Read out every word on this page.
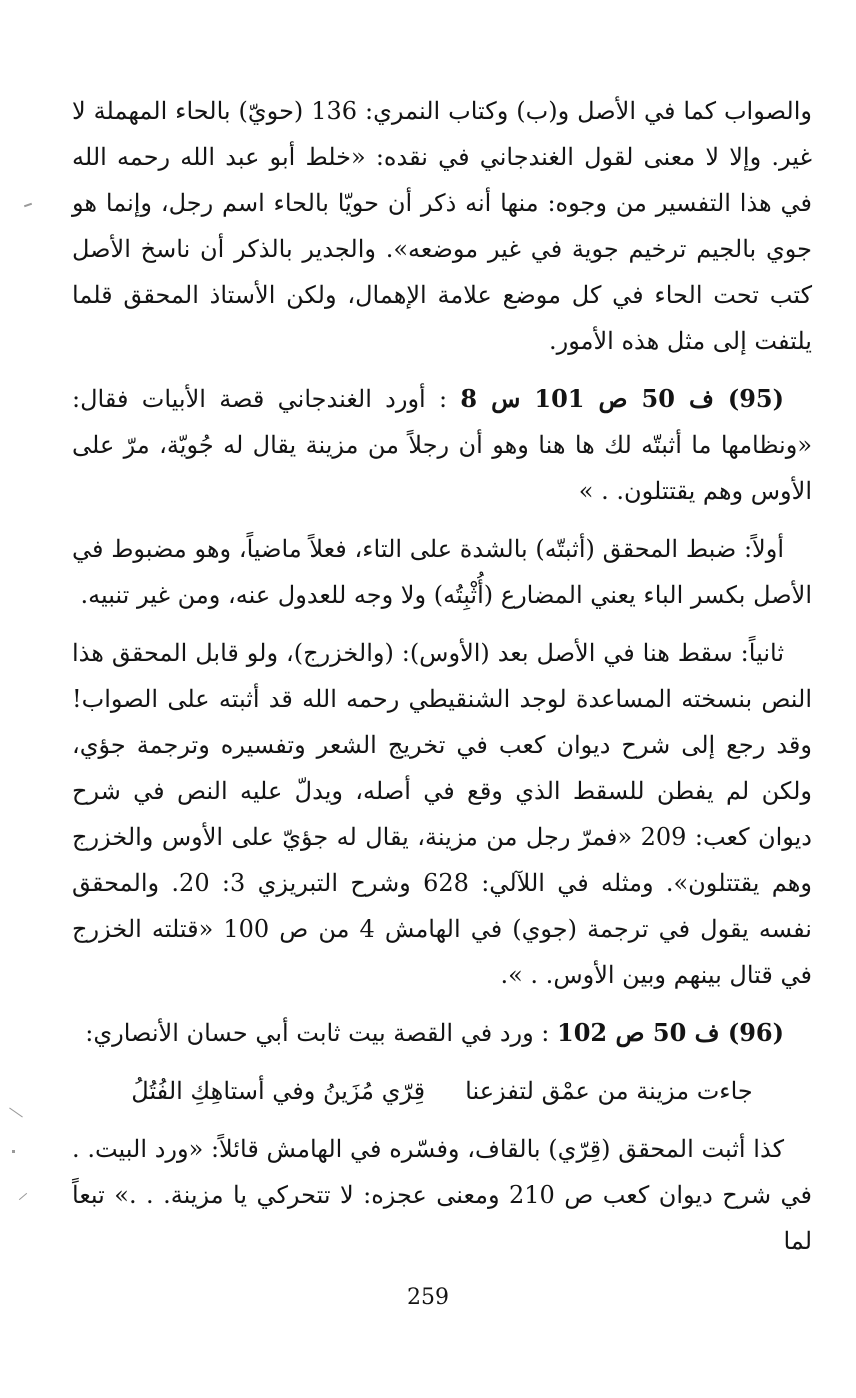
والصواب كما في الأصل و(ب) وكتاب النمري: 136 (حويّ) بالحاء المهملة لا غير. وإلا لا معنى لقول الغندجاني في نقده: «خلط أبو عبد الله رحمه الله في هذا التفسير من وجوه: منها أنه ذكر أن حويّا بالحاء اسم رجل، وإنما هو جوي بالجيم ترخيم جوية في غير موضعه». والجدير بالذكر أن ناسخ الأصل كتب تحت الحاء في كل موضع علامة الإهمال، ولكن الأستاذ المحقق قلما يلتفت إلى مثل هذه الأمور.

(95) ف 50 ص 101 س 8 : أورد الغندجاني قصة الأبيات فقال: «ونظامها ما أثبتّه لك ها هنا وهو أن رجلاً من مزينة يقال له جُويّة، مرّ على الأوس وهم يقتتلون. . »

أولاً: ضبط المحقق (أثبتّه) بالشدة على التاء، فعلاً ماضياً، وهو مضبوط في الأصل بكسر الباء يعني المضارع (أُثْبِتُه) ولا وجه للعدول عنه، ومن غير تنبيه.

ثانياً: سقط هنا في الأصل بعد (الأوس): (والخزرج)، ولو قابل المحقق هذا النص بنسخته المساعدة لوجد الشنقيطي رحمه الله قد أثبته على الصواب! وقد رجع إلى شرح ديوان كعب في تخريج الشعر وتفسيره وترجمة جؤي، ولكن لم يفطن للسقط الذي وقع في أصله، ويدلّ عليه النص في شرح ديوان كعب: 209 «فمرّ رجل من مزينة، يقال له جؤيّ على الأوس والخزرج وهم يقتتلون». ومثله في اللآلي: 628 وشرح التبريزي 3: 20. والمحقق نفسه يقول في ترجمة (جوي) في الهامش 4 من ص 100 «قتلته الخزرج في قتال بينهم وبين الأوس. . ».

(96) ف 50 ص 102 : ورد في القصة بيت ثابت أبي حسان الأنصاري:

جاءت مزينة من عمْق لتفزعنا
قِرّي مُزَينُ وفي أستاهِكِ الفُتُلُ

كذا أثبت المحقق (قِرّي) بالقاف، وفسّره في الهامش قائلاً: «ورد البيت. . في شرح ديوان كعب ص 210 ومعنى عجزه: لا تتحركي يا مزينة. . .» تبعاً لما

259
